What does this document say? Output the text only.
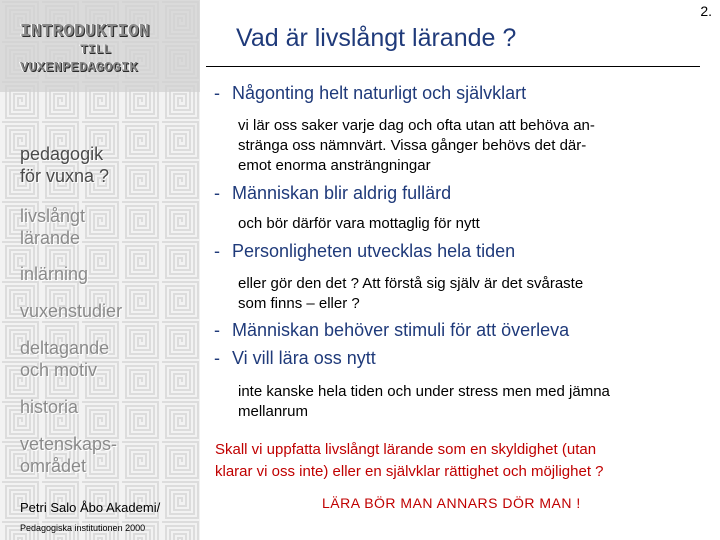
INTRODUKTION
TILL
VUXENPEDAGOGIK
pedagogik
för vuxna ?
livslångt
lärande
inlärning
vuxenstudier
deltagande
och motiv
historia
vetenskaps-
området
Petri Salo Åbo Akademi/
Pedagogiska institutionen 2000
2.
Vad är livslångt lärande ?
- Någonting helt naturligt och självklart
vi lär oss saker varje dag och ofta utan att behöva an-
stränga oss nämnvärt. Vissa gånger behövs det där-
emot enorma ansträngningar
- Människan blir aldrig fullärd
och bör därför vara mottaglig för nytt
- Personligheten utvecklas hela tiden
eller gör den det ? Att förstå sig själv är det svåraste
som finns – eller ?
- Människan behöver stimuli för att överleva
- Vi vill lära oss nytt
inte kanske hela tiden och under stress men med jämna
mellanrum
Skall vi uppfatta livslångt lärande som en skyldighet (utan
klarar vi oss inte) eller en självklar rättighet och möjlighet ?
LÄRA BÖR MAN ANNARS DÖR MAN !
